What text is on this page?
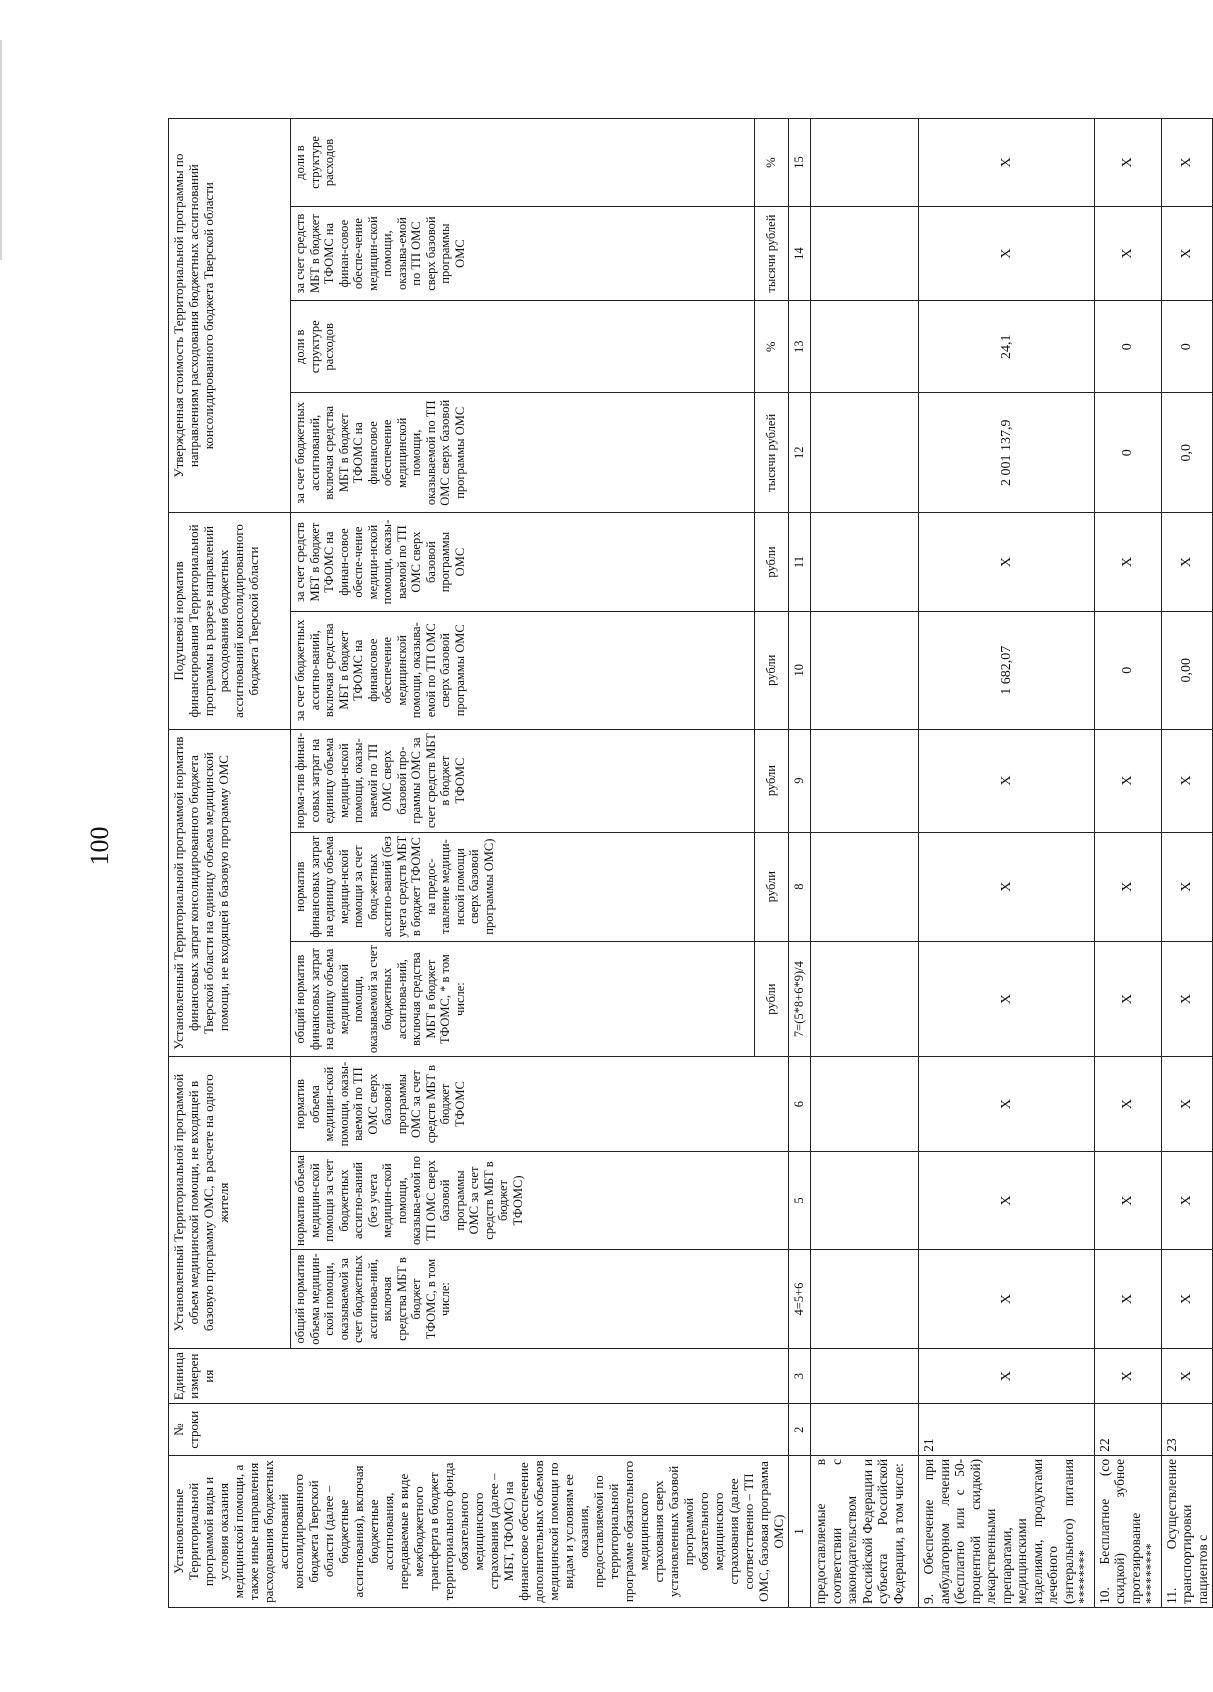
100
Установленные Территориальной программой виды и условия оказания медицинской помощи, а также иные направления расходования бюджетных ассигнований консолидированного бюджета Тверской области (далее – бюджетные ассигнования), включая бюджетные ассигнования, передаваемые в виде межбюджетного трансферта в бюджет территориального фонда обязательного медицинского страхования (далее – МБТ, ТФОМС) на финансовое обеспечение дополнительных объемов медицинской помощи по видам и условиям ее оказания, предоставляемой по территориальной программе обязательного медицинского страхования сверх установленных базовой программой обязательного медицинского страхования (далее соответственно – ТП ОМС, базовая программа ОМС)	№ строки	Единица измерения	Установленный Территориальной программой объем медицинской помощи, не входящей в базовую программу ОМС, в расчете на одного жителя			Установленный Территориальной программой норматив финансовых затрат консолидированного бюджета Тверской области на единицу объема медицинской помощи, не входящей в базовую программу ОМС			Подушевой норматив финансирования Территориальной программы в разрезе направлений расходования бюджетных ассигнований консолидированного бюджета Тверской области		Утвержденная стоимость Территориальной программы по направлениям расходования бюджетных ассигнований консолидированного бюджета Тверской области			
			общий норматив объема медицин-ской помощи, оказываемой за счет бюджетных ассигнова-ний, включая средства МБТ в бюджет ТФОМС, в том числе:	норматив объема медицин-ской помощи за счет бюджетных ассигно-ваний (без учета медицин-ской помощи, оказыва-емой по ТП ОМС сверх базовой программы ОМС за счет средств МБТ в бюджет ТФОМС)	норматив объема медицин-ской помощи, оказы-ваемой по ТП ОМС сверх базовой программы ОМС за счет средств МБТ в бюджет ТФОМС	общий норматив финансовых затрат на единицу объема медицинской помощи, оказываемой за счет бюджетных ассигнова-ний, включая средства МБТ в бюджет ТФОМС, * в том числе:	норматив финансовых затрат на единицу объема медици-нской помощи за счет бюд-жетных ассигно-ваний (без учета средств МБТ в бюджет ТФОМС на предос-тавление медици-нской помощи сверх базовой программы ОМС)	норма-тив финан-совых затрат на единицу объема медици-нской помощи, оказы-ваемой по ТП ОМС сверх базовой про-граммы ОМС за счет средств МБТ в бюджет ТФОМС	за счет бюджетных ассигно-ваний, включая средства МБТ в бюджет ТФОМС на финансовое обеспечение медицинской помощи, оказыва-емой по ТП ОМС сверх базовой программы ОМС	за счет средств МБТ в бюджет ТФОМС на финан-совое обеспе-чение медици-нской помощи, оказы-ваемой по ТП ОМС сверх базовой программы ОМС	за счет бюджетных ассигнований, включая средства МБТ в бюджет ТФОМС на финансовое обеспечение медицинской помощи, оказываемой по ТП ОМС сверх базовой программы ОМС	доли в структуре расходов	за счет средств МБТ в бюджет ТФОМС на финан-совое обеспе-чение медицин-ской помощи, оказыва-емой по ТП ОМС сверх базовой программы ОМС	доли в структуре расходов
						рубли	рубли	рубли	рубли	рубли	тысячи рублей	%	тысячи рублей	%
1	2	3	4=5+6	5	6	7=(5*8+6*9)/4	8	9	10	11	12	13	14	15
предоставляемые в соответствии с законодательством Российской Федерации и субъекта Российской Федерации, в том числе:														
9. Обеспечение при амбулаторном лечении (бесплатно или с 50-процентной скидкой) лекарственными препаратами, медицинскими изделиями, продуктами лечебного (энтерального) питания ********	21	X	X	X	X	X	X	X	1 682,07	X	2 001 137,9	24,1	X	X
10. Бесплатное (со скидкой) зубное протезирование *********	22	X	X	X	X	X	X	X	0	X	0	0	X	X
11. Осуществление транспортировки пациентов с	23	X	X	X	X	X	X	X	0,00	X	0,0	0	X	X
